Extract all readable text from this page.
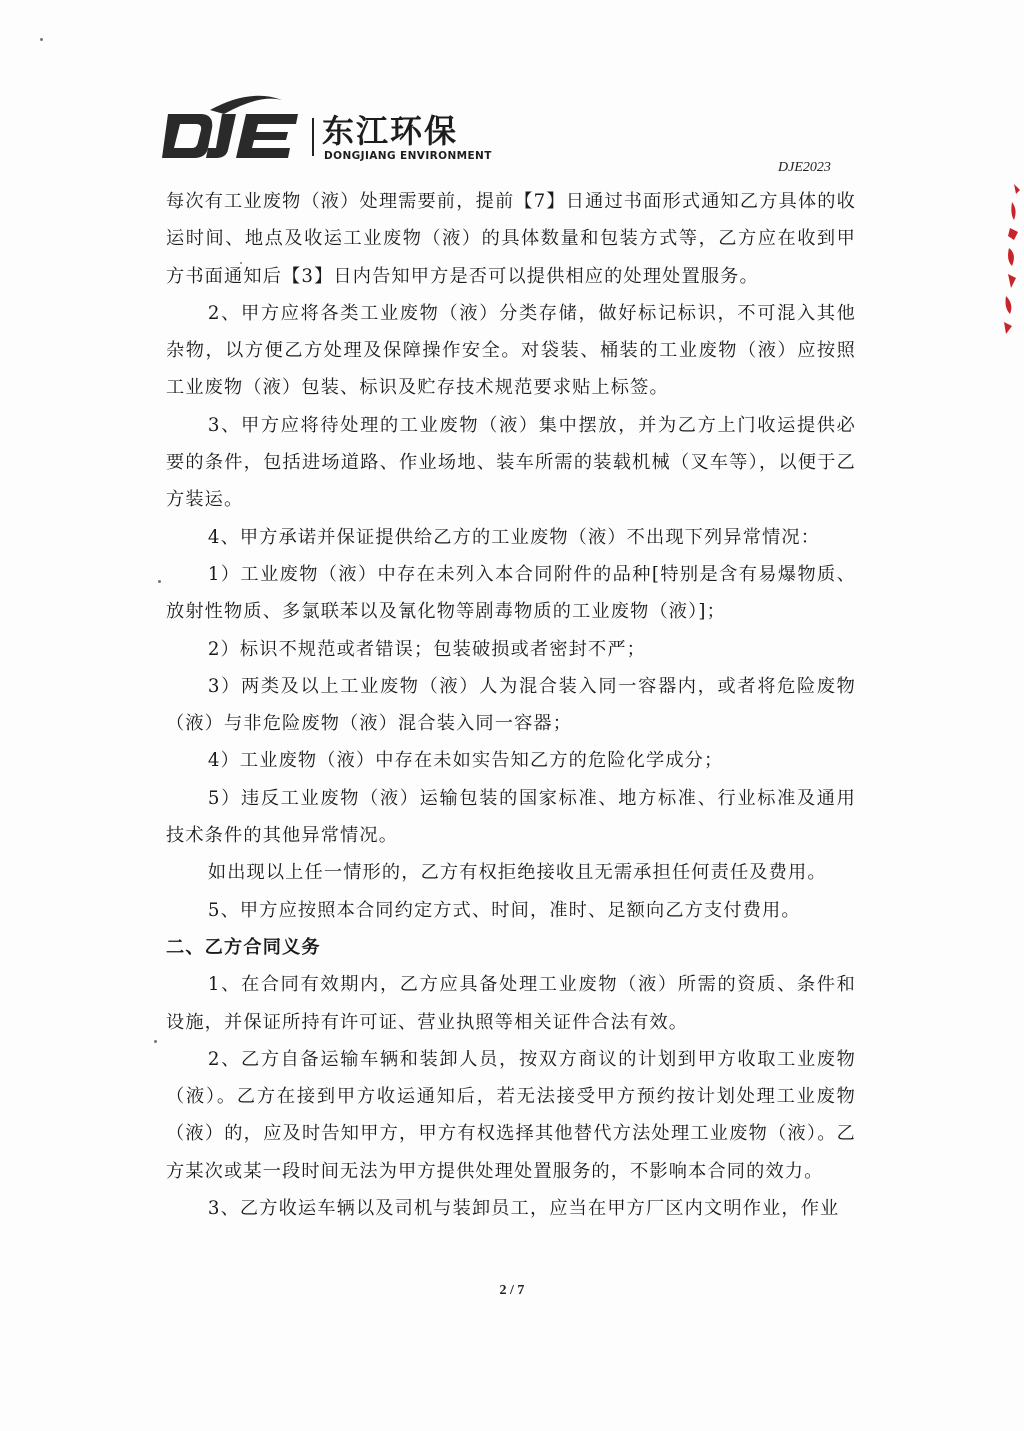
东江环保
DONGJIANG ENVIRONMENT
DJE2023

每次有工业废物（液）处理需要前，提前【7】日通过书面形式通知乙方具体的收运时间、地点及收运工业废物（液）的具体数量和包装方式等，乙方应在收到甲方书面通知后【3】日内告知甲方是否可以提供相应的处理处置服务。

2、甲方应将各类工业废物（液）分类存储，做好标记标识，不可混入其他杂物，以方便乙方处理及保障操作安全。对袋装、桶装的工业废物（液）应按照工业废物（液）包装、标识及贮存技术规范要求贴上标签。

3、甲方应将待处理的工业废物（液）集中摆放，并为乙方上门收运提供必要的条件，包括进场道路、作业场地、装车所需的装载机械（叉车等），以便于乙方装运。

4、甲方承诺并保证提供给乙方的工业废物（液）不出现下列异常情况：

1）工业废物（液）中存在未列入本合同附件的品种[特别是含有易爆物质、放射性物质、多氯联苯以及氰化物等剧毒物质的工业废物（液）]；

2）标识不规范或者错误；包装破损或者密封不严；

3）两类及以上工业废物（液）人为混合装入同一容器内，或者将危险废物（液）与非危险废物（液）混合装入同一容器；

4）工业废物（液）中存在未如实告知乙方的危险化学成分；

5）违反工业废物（液）运输包装的国家标准、地方标准、行业标准及通用技术条件的其他异常情况。

如出现以上任一情形的，乙方有权拒绝接收且无需承担任何责任及费用。

5、甲方应按照本合同约定方式、时间，准时、足额向乙方支付费用。

二、乙方合同义务

1、在合同有效期内，乙方应具备处理工业废物（液）所需的资质、条件和设施，并保证所持有许可证、营业执照等相关证件合法有效。

2、乙方自备运输车辆和装卸人员，按双方商议的计划到甲方收取工业废物（液）。乙方在接到甲方收运通知后，若无法接受甲方预约按计划处理工业废物（液）的，应及时告知甲方，甲方有权选择其他替代方法处理工业废物（液）。乙方某次或某一段时间无法为甲方提供处理处置服务的，不影响本合同的效力。

3、乙方收运车辆以及司机与装卸员工，应当在甲方厂区内文明作业，作业

2 / 7
